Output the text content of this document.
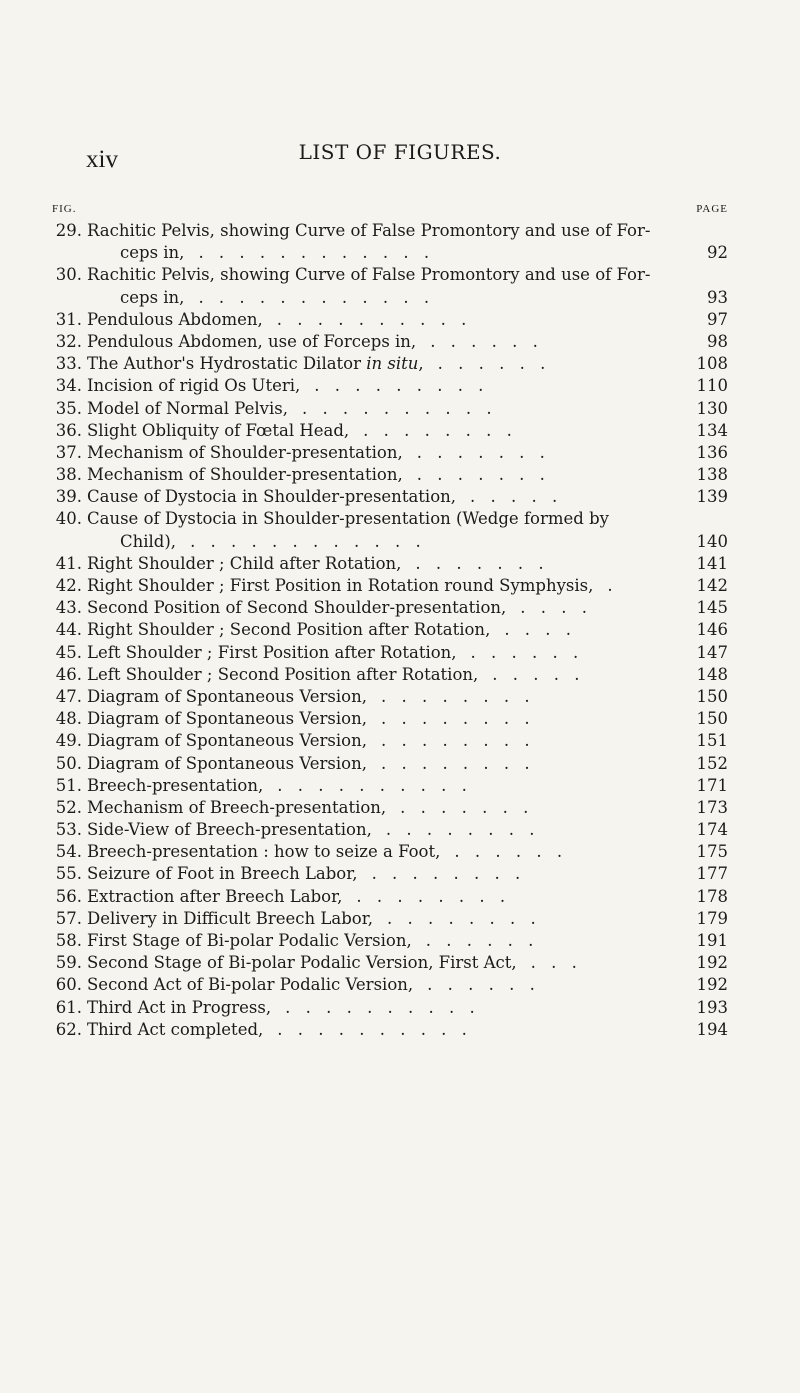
xiv	LIST OF FIGURES.
FIG.	PAGE
29. Rachitic Pelvis, showing Curve of False Promontory and use of For-
ceps in, . . . . . . . . . . . .	92
30. Rachitic Pelvis, showing Curve of False Promontory and use of For-
ceps in, . . . . . . . . . . . .	93
31. Pendulous Abdomen, . . . . . . . . . .	97
32. Pendulous Abdomen, use of Forceps in, . . . . . .	98
33. The Author's Hydrostatic Dilator in situ, . . . . . .	108
34. Incision of rigid Os Uteri, . . . . . . . . .	110
35. Model of Normal Pelvis, . . . . . . . . . .	130
36. Slight Obliquity of Fœtal Head, . . . . . . . .	134
37. Mechanism of Shoulder-presentation, . . . . . . .	136
38. Mechanism of Shoulder-presentation, . . . . . . .	138
39. Cause of Dystocia in Shoulder-presentation, . . . . .	139
40. Cause of Dystocia in Shoulder-presentation (Wedge formed by
Child), . . . . . . . . . . . .	140
41. Right Shoulder ; Child after Rotation, . . . . . . .	141
42. Right Shoulder ; First Position in Rotation round Symphysis, .	142
43. Second Position of Second Shoulder-presentation, . . . .	145
44. Right Shoulder ; Second Position after Rotation, . . . .	146
45. Left Shoulder ; First Position after Rotation, . . . . . .	147
46. Left Shoulder ; Second Position after Rotation, . . . . .	148
47. Diagram of Spontaneous Version, . . . . . . . .	150
48. Diagram of Spontaneous Version, . . . . . . . .	150
49. Diagram of Spontaneous Version, . . . . . . . .	151
50. Diagram of Spontaneous Version, . . . . . . . .	152
51. Breech-presentation, . . . . . . . . . .	171
52. Mechanism of Breech-presentation, . . . . . . .	173
53. Side-View of Breech-presentation, . . . . . . . .	174
54. Breech-presentation : how to seize a Foot, . . . . . .	175
55. Seizure of Foot in Breech Labor, . . . . . . . .	177
56. Extraction after Breech Labor, . . . . . . . .	178
57. Delivery in Difficult Breech Labor, . . . . . . . .	179
58. First Stage of Bi-polar Podalic Version, . . . . . .	191
59. Second Stage of Bi-polar Podalic Version, First Act, . . .	192
60. Second Act of Bi-polar Podalic Version, . . . . . .	192
61. Third Act in Progress, . . . . . . . . . .	193
62. Third Act completed, . . . . . . . . . .	194
